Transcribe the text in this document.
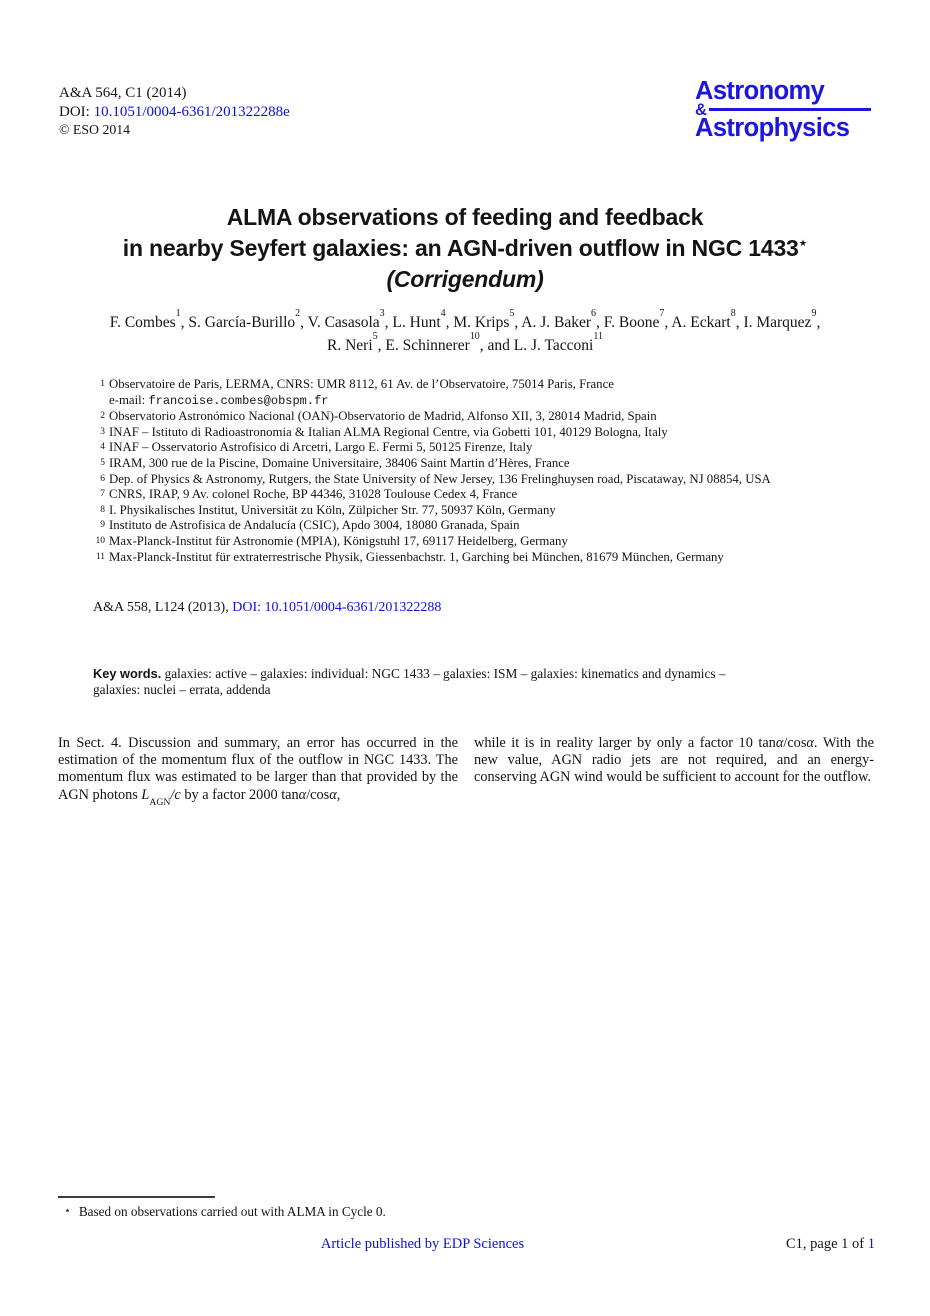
A&A 564, C1 (2014)
DOI: 10.1051/0004-6361/201322288e
© ESO 2014
Astronomy
&
Astrophysics
ALMA observations of feeding and feedback
in nearby Seyfert galaxies: an AGN-driven outflow in NGC 1433⋆
(Corrigendum)
F. Combes$^1$, S. García-Burillo$^2$, V. Casasola$^3$, L. Hunt$^4$, M. Krips$^5$, A. J. Baker$^6$, F. Boone$^7$, A. Eckart$^8$, I. Marquez$^9$,
R. Neri$^5$, E. Schinnerer$^{10}$, and L. J. Tacconi$^{11}$
1 Observatoire de Paris, LERMA, CNRS: UMR 8112, 61 Av. de l’Observatoire, 75014 Paris, France
e-mail: francoise.combes@obspm.fr
2 Observatorio Astronómico Nacional (OAN)-Observatorio de Madrid, Alfonso XII, 3, 28014 Madrid, Spain
3 INAF – Istituto di Radioastronomia & Italian ALMA Regional Centre, via Gobetti 101, 40129 Bologna, Italy
4 INAF – Osservatorio Astrofisico di Arcetri, Largo E. Fermi 5, 50125 Firenze, Italy
5 IRAM, 300 rue de la Piscine, Domaine Universitaire, 38406 Saint Martin d’Hères, France
6 Dep. of Physics & Astronomy, Rutgers, the State University of New Jersey, 136 Frelinghuysen road, Piscataway, NJ 08854, USA
7 CNRS, IRAP, 9 Av. colonel Roche, BP 44346, 31028 Toulouse Cedex 4, France
8 I. Physikalisches Institut, Universität zu Köln, Zülpicher Str. 77, 50937 Köln, Germany
9 Instituto de Astrofisica de Andalucía (CSIC), Apdo 3004, 18080 Granada, Spain
10 Max-Planck-Institut für Astronomie (MPIA), Königstuhl 17, 69117 Heidelberg, Germany
11 Max-Planck-Institut für extraterrestrische Physik, Giessenbachstr. 1, Garching bei München, 81679 München, Germany
A&A 558, L124 (2013), DOI: 10.1051/0004-6361/201322288
Key words. galaxies: active – galaxies: individual: NGC 1433 – galaxies: ISM – galaxies: kinematics and dynamics – galaxies: nuclei – errata, addenda

In Sect. 4. Discussion and summary, an error has occurred in the estimation of the momentum flux of the outflow in NGC 1433. The momentum flux was estimated to be larger than that provided by the AGN photons $L_{AGN}/c$ by a factor 2000 tanα/cosα,

while it is in reality larger by only a factor 10 tanα/cosα. With the new value, AGN radio jets are not required, and an energy-conserving AGN wind would be sufficient to account for the outflow.

⋆ Based on observations carried out with ALMA in Cycle 0.
Article published by EDP Sciences	C1, page 1 of 1
